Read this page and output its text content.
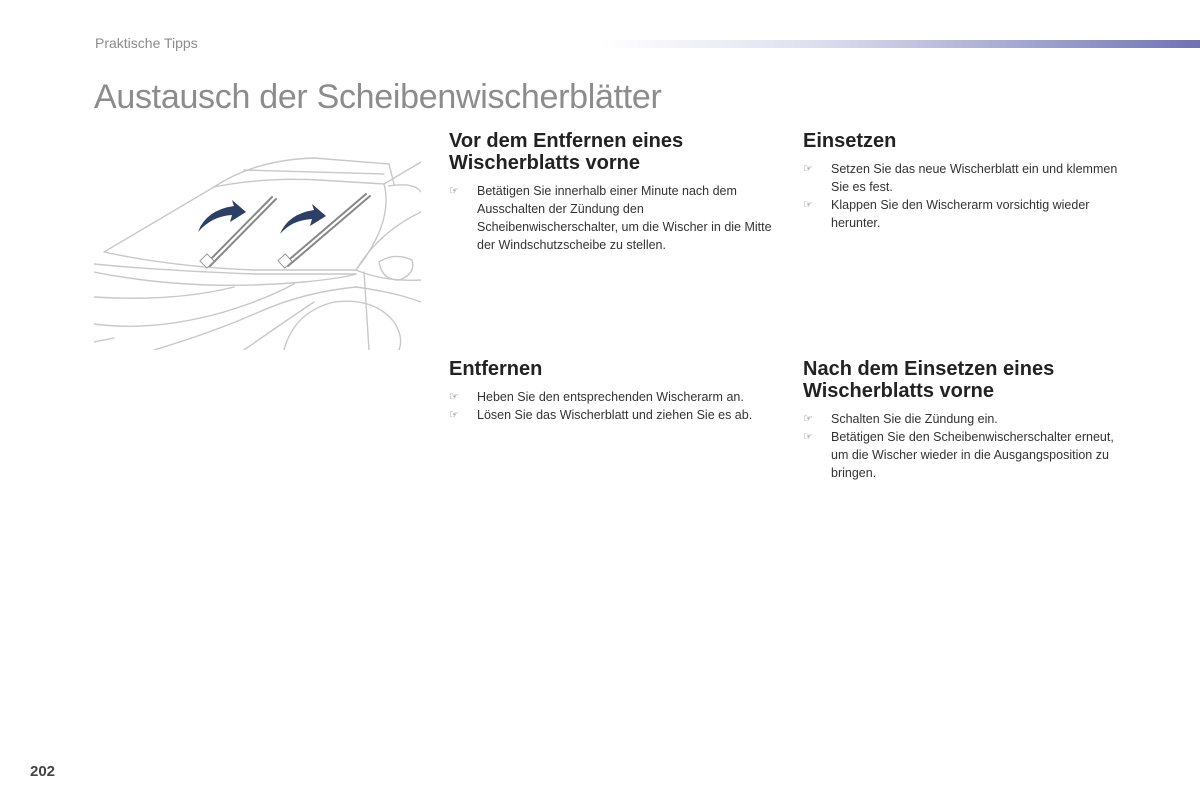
Praktische Tipps
Austausch der Scheibenwischerblätter
Vor dem Entfernen eines Wischerblatts vorne
☞ Betätigen Sie innerhalb einer Minute nach dem Ausschalten der Zündung den Scheibenwischerschalter, um die Wischer in die Mitte der Windschutzscheibe zu stellen.
Einsetzen
☞ Setzen Sie das neue Wischerblatt ein und klemmen Sie es fest.
☞ Klappen Sie den Wischerarm vorsichtig wieder herunter.
Entfernen
☞ Heben Sie den entsprechenden Wischerarm an.
☞ Lösen Sie das Wischerblatt und ziehen Sie es ab.
Nach dem Einsetzen eines Wischerblatts vorne
☞ Schalten Sie die Zündung ein.
☞ Betätigen Sie den Scheibenwischerschalter erneut, um die Wischer wieder in die Ausgangsposition zu bringen.
202
